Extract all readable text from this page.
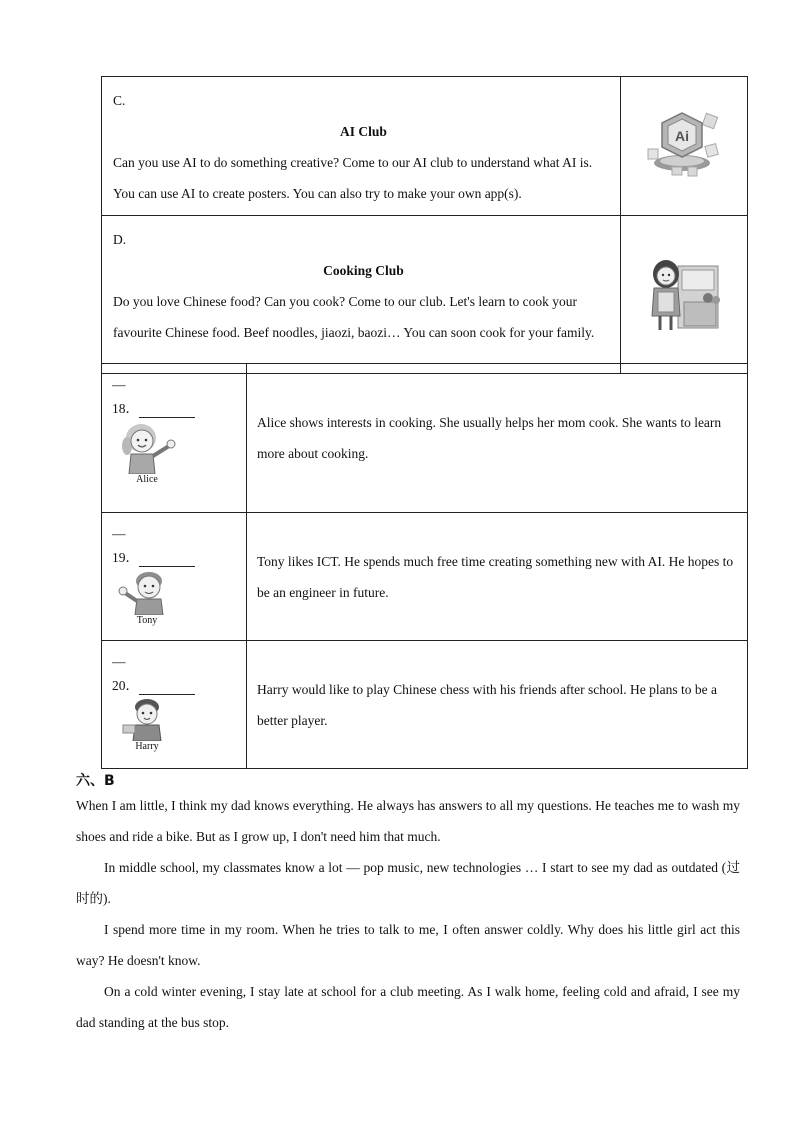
C.
AI Club
Can you use AI to do something creative? Come to our AI club to understand what AI is. You can use AI to create posters. You can also try to make your own app(s).	Ai

D.
Cooking Club
Do you love Chinese food? Can you cook? Come to our club. Let's learn to cook your favourite Chinese food. Beef noodles, jiaozi, baozi… You can soon cook for your family.

—
18．
Alice	Alice shows interests in cooking. She usually helps her mom cook. She wants to learn more about cooking.

—
19．
Tony	Tony likes ICT. He spends much free time creating something new with AI. He hopes to be an engineer in future.

—
20．
Harry	Harry would like to play Chinese chess with his friends after school. He plans to be a better player.
六、B

When I am little, I think my dad knows everything. He always has answers to all my questions. He teaches me to wash my shoes and ride a bike. But as I grow up, I don't need him that much.

In middle school, my classmates know a lot — pop music, new technologies … I start to see my dad as outdated (过时的).

I spend more time in my room. When he tries to talk to me, I often answer coldly. Why does his little girl act this way? He doesn't know.

On a cold winter evening, I stay late at school for a club meeting. As I walk home, feeling cold and afraid, I see my dad standing at the bus stop.
